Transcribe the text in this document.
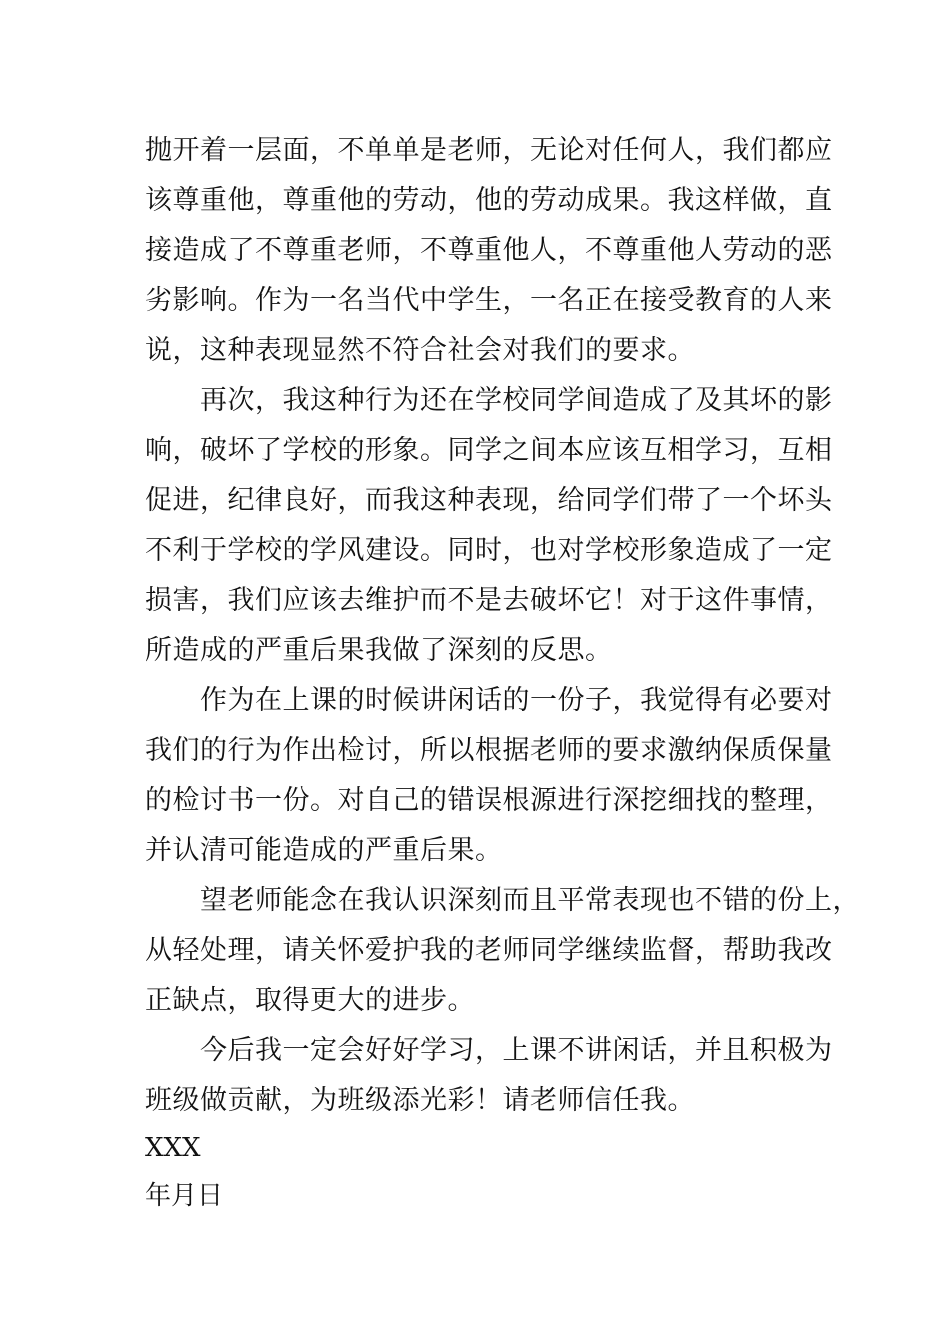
抛开着一层面，不单单是老师，无论对任何人，我们都应
该尊重他，尊重他的劳动，他的劳动成果。我这样做，直
接造成了不尊重老师，不尊重他人，不尊重他人劳动的恶
劣影响。作为一名当代中学生，一名正在接受教育的人来
说，这种表现显然不符合社会对我们的要求。
　　再次，我这种行为还在学校同学间造成了及其坏的影
响，破坏了学校的形象。同学之间本应该互相学习，互相
促进，纪律良好，而我这种表现，给同学们带了一个坏头
不利于学校的学风建设。同时，也对学校形象造成了一定
损害，我们应该去维护而不是去破坏它！对于这件事情，
所造成的严重后果我做了深刻的反思。
　　作为在上课的时候讲闲话的一份子，我觉得有必要对
我们的行为作出检讨，所以根据老师的要求激纳保质保量
的检讨书一份。对自己的错误根源进行深挖细找的整理，
并认清可能造成的严重后果。
　　望老师能念在我认识深刻而且平常表现也不错的份上，
从轻处理，请关怀爱护我的老师同学继续监督，帮助我改
正缺点，取得更大的进步。
　　今后我一定会好好学习，上课不讲闲话，并且积极为
班级做贡献，为班级添光彩！请老师信任我。
XXX
年月日
